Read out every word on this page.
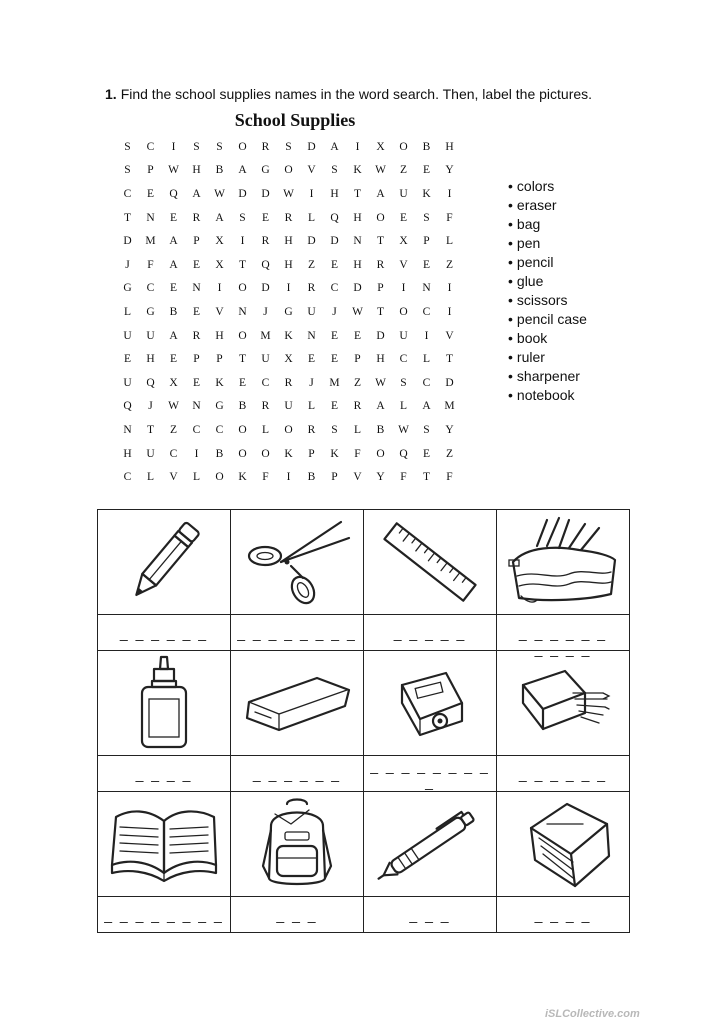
1. Find the school supplies names in the word search. Then, label the pictures.
School Supplies
S	C	I	S	S	O	R	S	D	A	I	X	O	B	H
S	P	W	H	B	A	G	O	V	S	K	W	Z	E	Y
C	E	Q	A	W	D	D	W	I	H	T	A	U	K	I
T	N	E	R	A	S	E	R	L	Q	H	O	E	S	F
D	M	A	P	X	I	R	H	D	D	N	T	X	P	L
J	F	A	E	X	T	Q	H	Z	E	H	R	V	E	Z
G	C	E	N	I	O	D	I	R	C	D	P	I	N	I
L	G	B	E	V	N	J	G	U	J	W	T	O	C	I
U	U	A	R	H	O	M	K	N	E	E	D	U	I	V
E	H	E	P	P	T	U	X	E	E	P	H	C	L	T
U	Q	X	E	K	E	C	R	J	M	Z	W	S	C	D
Q	J	W	N	G	B	R	U	L	E	R	A	L	A	M
N	T	Z	C	C	O	L	O	R	S	L	B	W	S	Y
H	U	C	I	B	O	O	K	P	K	F	O	Q	E	Z
C	L	V	L	O	K	F	I	B	P	V	Y	F	T	F
• colors
• eraser
• bag
• pen
• pencil
• glue
• scissors
• pencil case
• book
• ruler
• sharpener
• notebook

_ _ _ _ _ _	_ _ _ _ _ _ _ _	_ _ _ _ _	_ _ _ _ _ _
_ _ _ _

_ _ _ _	_ _ _ _ _ _	_ _ _ _ _ _ _ _ _	_ _ _ _ _ _

_ _ _ _ _ _ _ _	_ _ _	_ _ _	_ _ _ _
iSLCollective.com
